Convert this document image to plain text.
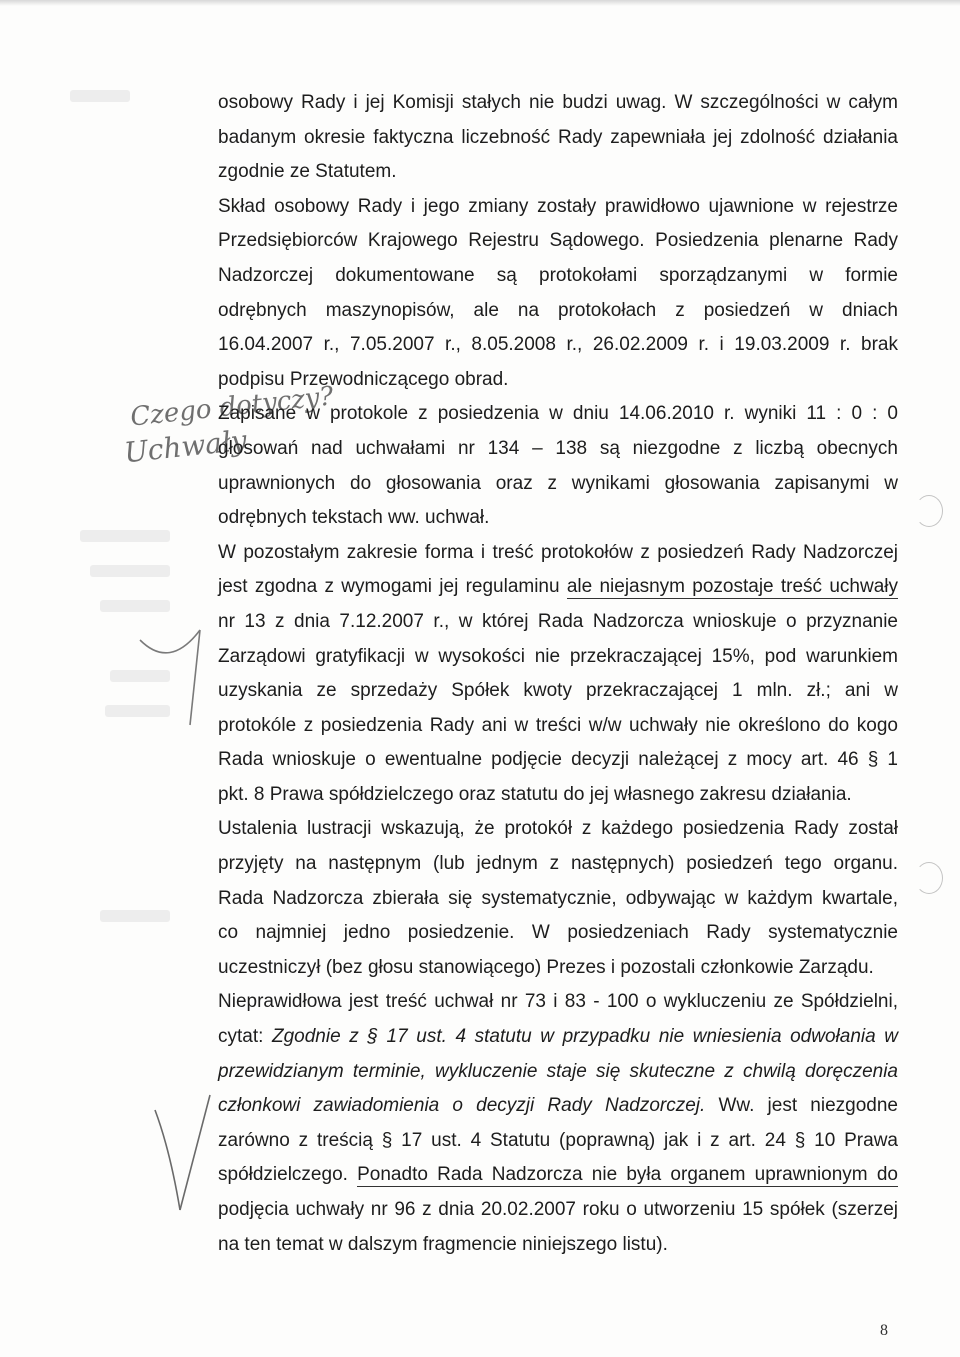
Czego dotyczy?
Uchwały

osobowy Rady i jej Komisji stałych nie budzi uwag. W szczególności w całym
badanym okresie faktyczna liczebność Rady zapewniała jej zdolność działania
zgodnie ze Statutem.

Skład osobowy Rady i jego zmiany zostały prawidłowo ujawnione w rejestrze
Przedsiębiorców Krajowego Rejestru Sądowego. Posiedzenia plenarne Rady
Nadzorczej dokumentowane są protokołami sporządzanymi w formie
odrębnych maszynopisów, ale na protokołach z posiedzeń w dniach
16.04.2007 r., 7.05.2007 r., 8.05.2008 r., 26.02.2009 r. i 19.03.2009 r. brak
podpisu Przewodniczącego obrad.

Zapisane w protokole z posiedzenia w dniu 14.06.2010 r. wyniki 11 : 0 : 0
głosowań nad uchwałami nr 134 – 138 są niezgodne z liczbą obecnych
uprawnionych do głosowania oraz z wynikami głosowania zapisanymi w
odrębnych tekstach ww. uchwał.

W pozostałym zakresie forma i treść protokołów z posiedzeń Rady Nadzorczej
jest zgodna z wymogami jej regulaminu ale niejasnym pozostaje treść uchwały
nr 13 z dnia 7.12.2007 r., w której Rada Nadzorcza wnioskuje o przyznanie
Zarządowi gratyfikacji w wysokości nie przekraczającej 15%, pod warunkiem
uzyskania ze sprzedaży Spółek kwoty przekraczającej 1 mln. zł.; ani w
protokóle z posiedzenia Rady ani w treści w/w uchwały nie określono do kogo
Rada wnioskuje o ewentualne podjęcie decyzji należącej z mocy art. 46 § 1
pkt. 8 Prawa spółdzielczego oraz statutu do jej własnego zakresu działania.

Ustalenia lustracji wskazują, że protokół z każdego posiedzenia Rady został
przyjęty na następnym (lub jednym z następnych) posiedzeń tego organu.
Rada Nadzorcza zbierała się systematycznie, odbywając w każdym kwartale,
co najmniej jedno posiedzenie. W posiedzeniach Rady systematycznie
uczestniczył (bez głosu stanowiącego) Prezes i pozostali członkowie Zarządu.

Nieprawidłowa jest treść uchwał nr 73 i 83 - 100 o wykluczeniu ze Spółdzielni,
cytat: Zgodnie z § 17 ust. 4 statutu w przypadku nie wniesienia odwołania w
przewidzianym terminie, wykluczenie staje się skuteczne z chwilą doręczenia
członkowi zawiadomienia o decyzji Rady Nadzorczej. Ww. jest niezgodne
zarówno z treścią § 17 ust. 4 Statutu (poprawną) jak i z art. 24 § 10 Prawa
spółdzielczego. Ponadto Rada Nadzorcza nie była organem uprawnionym do
podjęcia uchwały nr 96 z dnia 20.02.2007 roku o utworzeniu 15 spółek (szerzej
na ten temat w dalszym fragmencie niniejszego listu).

8
